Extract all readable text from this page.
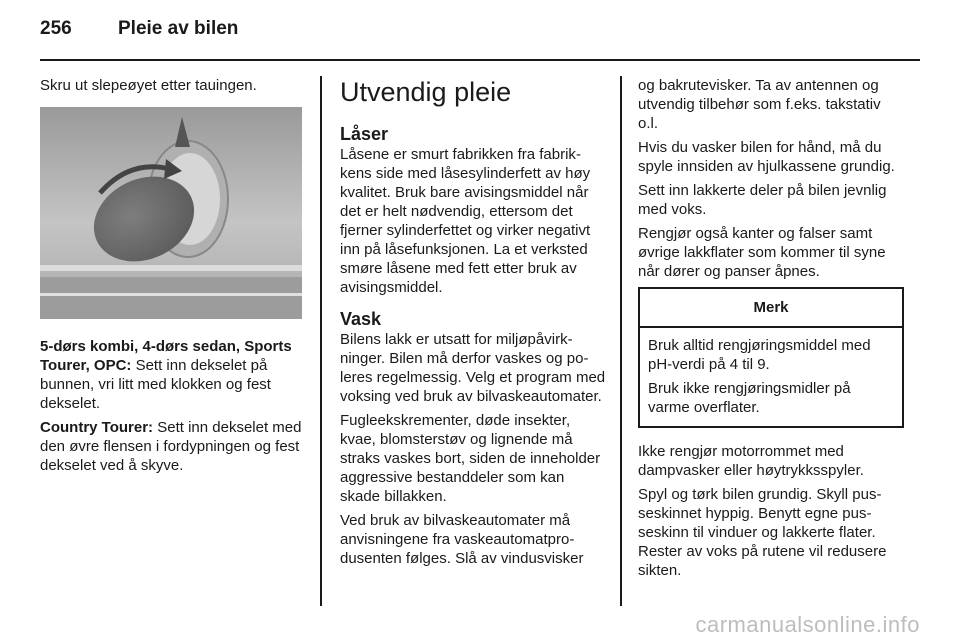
256 Pleie av bilen

Skru ut slepeøyet etter tauingen.

5-dørs kombi, 4-dørs sedan, Sports Tourer, OPC: Sett inn dekselet på bunnen, vri litt med klokken og fest dekselet.

Country Tourer: Sett inn dekselet med den øvre flensen i fordypningen og fest dekselet ved å skyve.

Utvendig pleie
Låser

Låsene er smurt fabrikken fra fabrikkens side med låsesylinderfett av høy kvalitet. Bruk bare avisingsmiddel når det er helt nødvendig, ettersom det fjerner sylinderfettet og virker negativt inn på låsefunksjonen. La et verksted smøre låsene med fett etter bruk av avisingsmiddel.

Vask

Bilens lakk er utsatt for miljøpåvirkninger. Bilen må derfor vaskes og poleres regelmessig. Velg et program med voksing ved bruk av bilvaskeautomater.

Fugleekskrementer, døde insekter, kvae, blomsterstøv og lignende må straks vaskes bort, siden de inneholder aggressive bestanddeler som kan skade billakken.

Ved bruk av bilvaskeautomater må anvisningene fra vaskeautomatprodusenten følges. Slå av vindusvisker

og bakrutevisker. Ta av antennen og utvendig tilbehør som f.eks. takstativ o.l.

Hvis du vasker bilen for hånd, må du spyle innsiden av hjulkassene grundig.

Sett inn lakkerte deler på bilen jevnlig med voks.

Rengjør også kanter og falser samt øvrige lakkflater som kommer til syne når dører og panser åpnes.

Merk

Bruk alltid rengjøringsmiddel med pH-verdi på 4 til 9.

Bruk ikke rengjøringsmidler på varme overflater.

Ikke rengjør motorrommet med dampvasker eller høytrykksspyler.

Spyl og tørk bilen grundig. Skyll pusseskinnet hyppig. Benytt egne pusseskinn til vinduer og lakkerte flater. Rester av voks på rutene vil redusere sikten.

carmanualsonline.info
